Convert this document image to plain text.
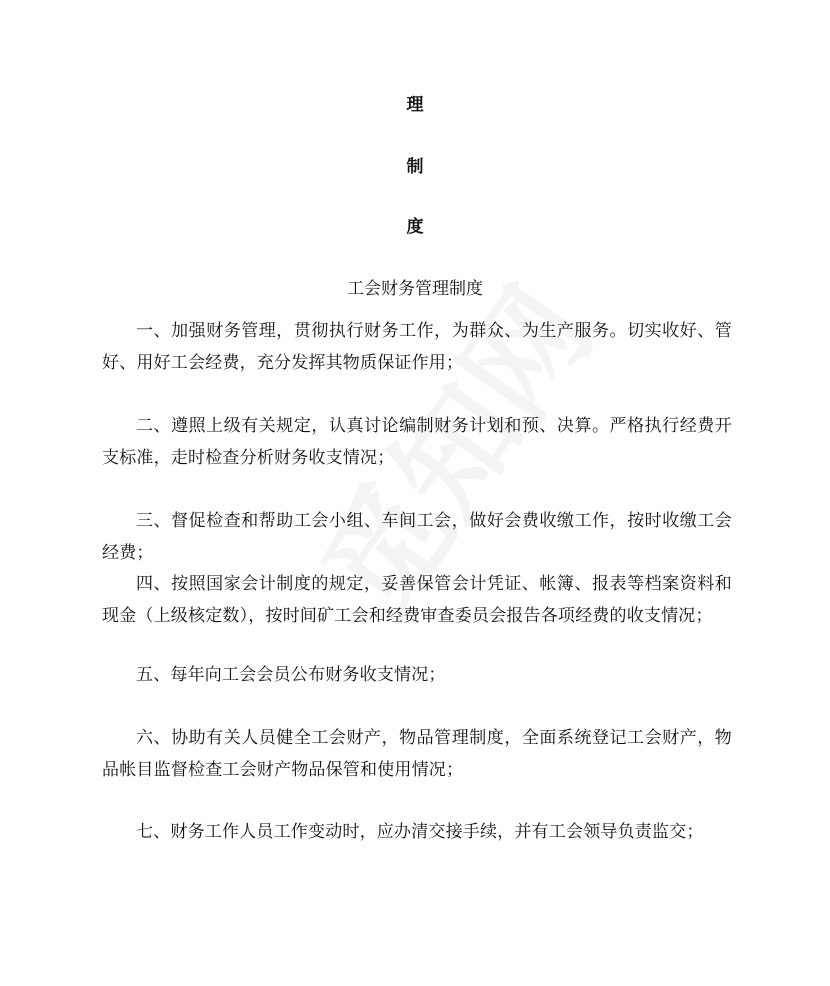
理
制
度
工会财务管理制度

一、加强财务管理，贯彻执行财务工作，为群众、为生产服务。切实收好、管好、用好工会经费，充分发挥其物质保证作用；

二、遵照上级有关规定，认真讨论编制财务计划和预、决算。严格执行经费开支标准，走时检查分析财务收支情况；

三、督促检查和帮助工会小组、车间工会，做好会费收缴工作，按时收缴工会经费；

四、按照国家会计制度的规定，妥善保管会计凭证、帐簿、报表等档案资料和现金（上级核定数），按时间矿工会和经费审查委员会报告各项经费的收支情况；

五、每年向工会会员公布财务收支情况；

六、协助有关人员健全工会财产，物品管理制度，全面系统登记工会财产，物品帐目监督检查工会财产物品保管和使用情况；

七、财务工作人员工作变动时，应办清交接手续，并有工会领导负责监交；
